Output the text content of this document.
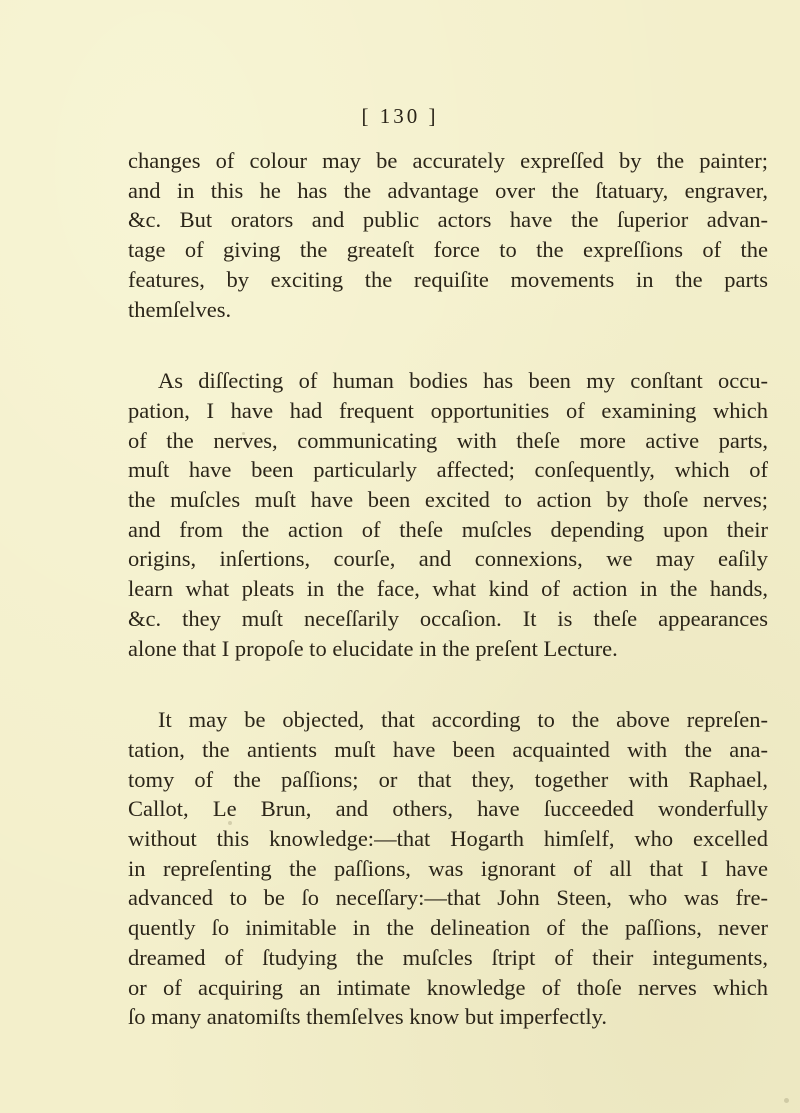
[ 130 ]

changes of colour may be accurately expreſſed by the painter;
and in this he has the advantage over the ſtatuary, engraver,
&c. But orators and public actors have the ſuperior advan-
tage of giving the greateſt force to the expreſſions of the
features, by exciting the requiſite movements in the parts
themſelves.

As diſſecting of human bodies has been my conſtant occu-
pation, I have had frequent opportunities of examining which
of the nerves, communicating with theſe more active parts,
muſt have been particularly affected; conſequently, which of
the muſcles muſt have been excited to action by thoſe nerves;
and from the action of theſe muſcles depending upon their
origins, inſertions, courſe, and connexions, we may eaſily
learn what pleats in the face, what kind of action in the hands,
&c. they muſt neceſſarily occaſion. It is theſe appearances
alone that I propoſe to elucidate in the preſent Lecture.

It may be objected, that according to the above repreſen-
tation, the antients muſt have been acquainted with the ana-
tomy of the paſſions; or that they, together with Raphael,
Callot, Le Brun, and others, have ſucceeded wonderfully
without this knowledge:—that Hogarth himſelf, who excelled
in repreſenting the paſſions, was ignorant of all that I have
advanced to be ſo neceſſary:—that John Steen, who was fre-
quently ſo inimitable in the delineation of the paſſions, never
dreamed of ſtudying the muſcles ſtript of their integuments,
or of acquiring an intimate knowledge of thoſe nerves which
ſo many anatomiſts themſelves know but imperfectly.
